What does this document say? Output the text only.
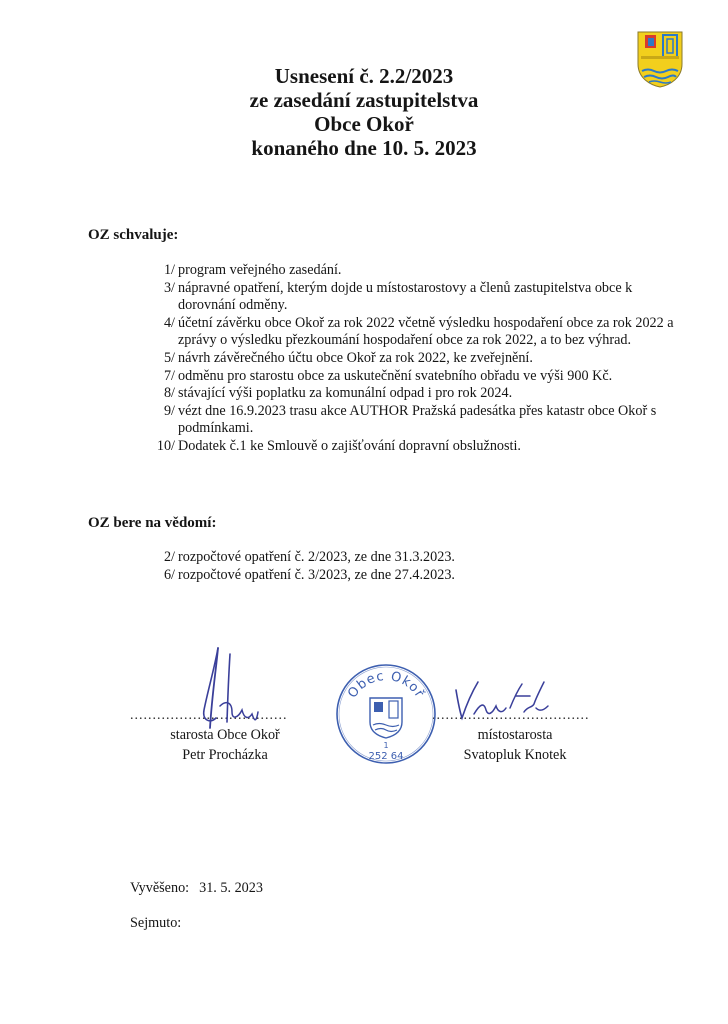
Usnesení č. 2.2/2023
ze zasedání zastupitelstva
Obce Okoř
konaného dne 10. 5. 2023
OZ schvaluje:
1/ program veřejného zasedání.
3/ nápravné opatření, kterým dojde u místostarostovy a členů zastupitelstva obce k dorovnání odměny.
4/ účetní závěrku obce Okoř za rok 2022 včetně výsledku hospodaření obce za rok 2022 a zprávy o výsledku přezkoumání hospodaření obce za rok 2022, a to bez výhrad.
5/ návrh závěrečného účtu obce Okoř za rok 2022, ke zveřejnění.
7/ odměnu pro starostu obce za uskutečnění svatebního obřadu ve výši 900 Kč.
8/ stávající výši poplatku za komunální odpad i pro rok 2024.
9/ vézt dne 16.9.2023 trasu akce AUTHOR Pražská padesátka přes katastr obce Okoř s podmínkami.
10/ Dodatek č.1 ke Smlouvě o zajišťování dopravní obslužnosti.
OZ bere na vědomí:
2/ rozpočtové opatření č. 2/2023, ze dne 31.3.2023.
6/ rozpočtové opatření č. 3/2023, ze dne 27.4.2023.
...................................	...................................
Obec Okoř
1
252 64
starosta Obce Okoř
Petr Procházka
místostarosta
Svatopluk Knotek
Vyvěšeno: 31. 5. 2023
Sejmuto:
